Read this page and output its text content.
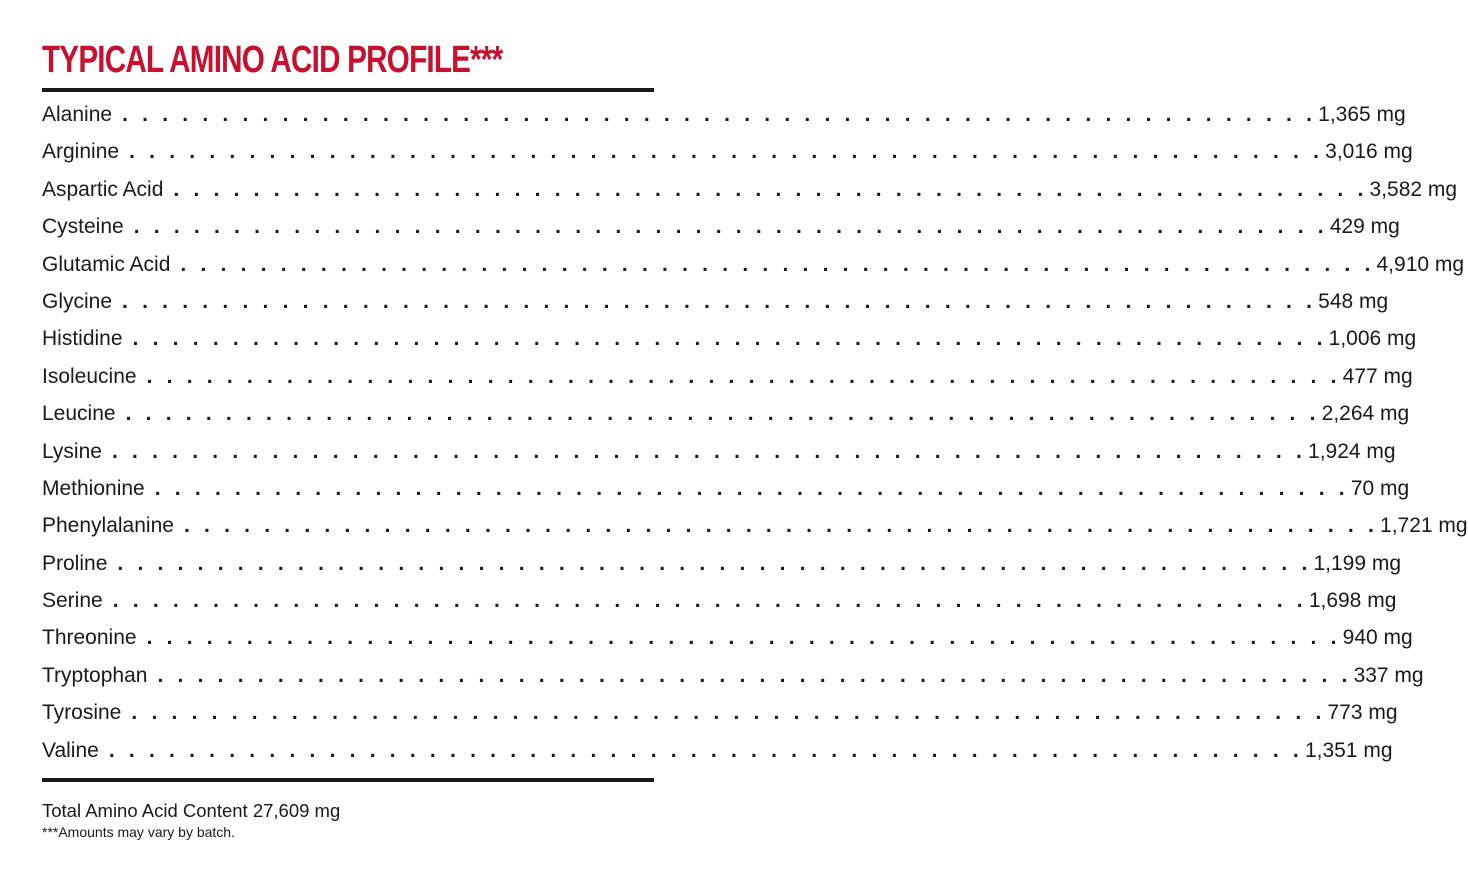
TYPICAL AMINO ACID PROFILE***
Alanine . . . . . . . . . . . . . . . . . . . . . . . . . . . . . . . . . . . . . . . . . . . . . . . . . . . . . . . . . . . . 1,365 mg
Arginine . . . . . . . . . . . . . . . . . . . . . . . . . . . . . . . . . . . . . . . . . . . . . . . . . . . . . . . . . . . . 3,016 mg
Aspartic Acid . . . . . . . . . . . . . . . . . . . . . . . . . . . . . . . . . . . . . . . . . . . . . . . . . . . . . . . . . . . . 3,582 mg
Cysteine . . . . . . . . . . . . . . . . . . . . . . . . . . . . . . . . . . . . . . . . . . . . . . . . . . . . . . . . . . . . 429 mg
Glutamic Acid . . . . . . . . . . . . . . . . . . . . . . . . . . . . . . . . . . . . . . . . . . . . . . . . . . . . . . . . . . . . 4,910 mg
Glycine . . . . . . . . . . . . . . . . . . . . . . . . . . . . . . . . . . . . . . . . . . . . . . . . . . . . . . . . . . . . 548 mg
Histidine . . . . . . . . . . . . . . . . . . . . . . . . . . . . . . . . . . . . . . . . . . . . . . . . . . . . . . . . . . . . 1,006 mg
Isoleucine . . . . . . . . . . . . . . . . . . . . . . . . . . . . . . . . . . . . . . . . . . . . . . . . . . . . . . . . . . . . 477 mg
Leucine . . . . . . . . . . . . . . . . . . . . . . . . . . . . . . . . . . . . . . . . . . . . . . . . . . . . . . . . . . . . 2,264 mg
Lysine . . . . . . . . . . . . . . . . . . . . . . . . . . . . . . . . . . . . . . . . . . . . . . . . . . . . . . . . . . . . 1,924 mg
Methionine . . . . . . . . . . . . . . . . . . . . . . . . . . . . . . . . . . . . . . . . . . . . . . . . . . . . . . . . . . . . 70 mg
Phenylalanine . . . . . . . . . . . . . . . . . . . . . . . . . . . . . . . . . . . . . . . . . . . . . . . . . . . . . . . . . . . . 1,721 mg
Proline . . . . . . . . . . . . . . . . . . . . . . . . . . . . . . . . . . . . . . . . . . . . . . . . . . . . . . . . . . . . 1,199 mg
Serine . . . . . . . . . . . . . . . . . . . . . . . . . . . . . . . . . . . . . . . . . . . . . . . . . . . . . . . . . . . . 1,698 mg
Threonine . . . . . . . . . . . . . . . . . . . . . . . . . . . . . . . . . . . . . . . . . . . . . . . . . . . . . . . . . . . . 940 mg
Tryptophan . . . . . . . . . . . . . . . . . . . . . . . . . . . . . . . . . . . . . . . . . . . . . . . . . . . . . . . . . . . . 337 mg
Tyrosine . . . . . . . . . . . . . . . . . . . . . . . . . . . . . . . . . . . . . . . . . . . . . . . . . . . . . . . . . . . . 773 mg
Valine . . . . . . . . . . . . . . . . . . . . . . . . . . . . . . . . . . . . . . . . . . . . . . . . . . . . . . . . . . . . 1,351 mg
Total Amino Acid Content 27,609 mg
***Amounts may vary by batch.
